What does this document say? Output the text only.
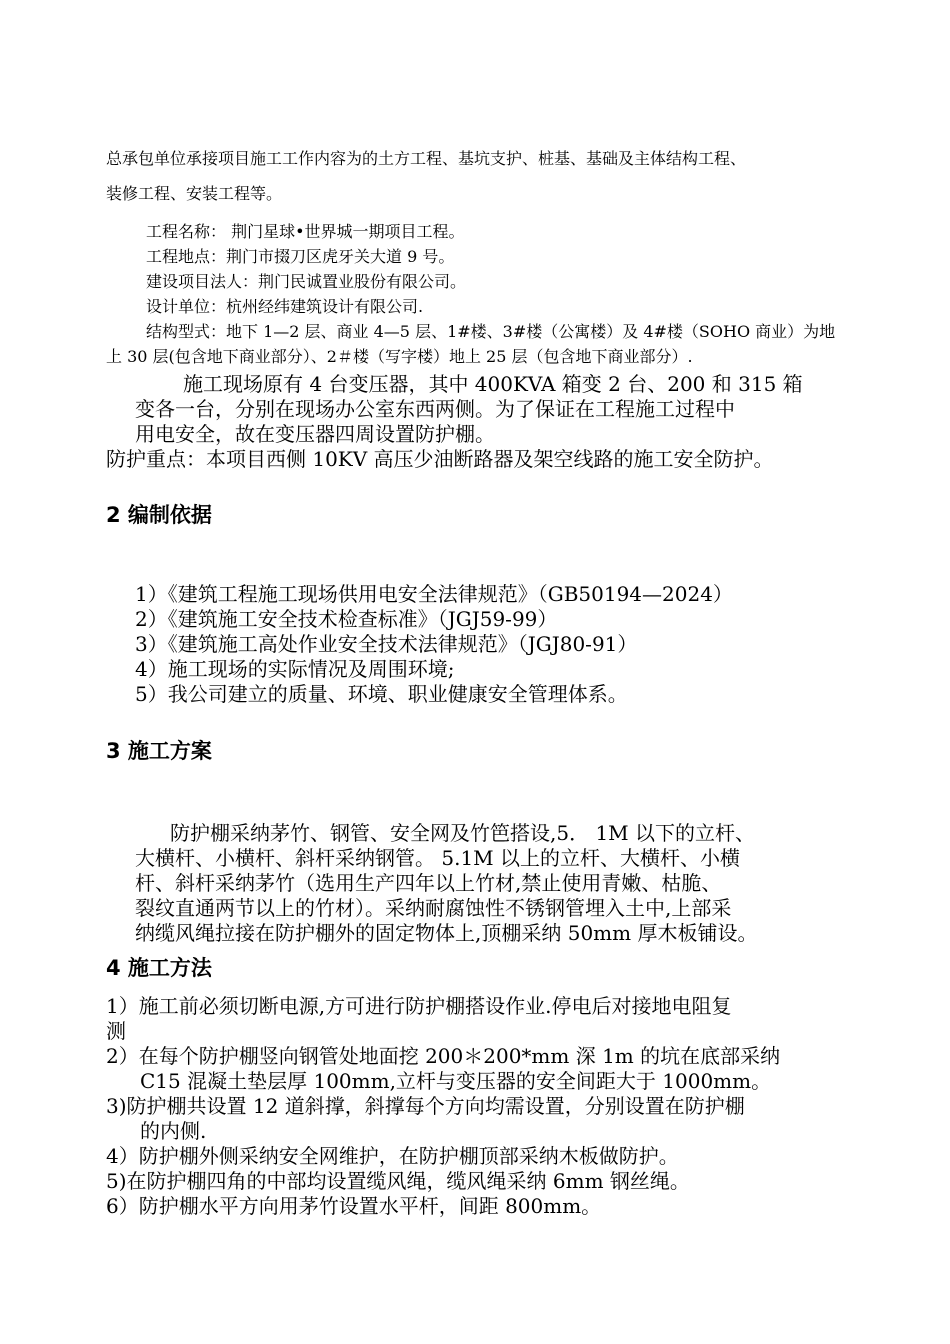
总承包单位承接项目施工工作内容为的土方工程、基坑支护、桩基、基础及主体结构工程、
装修工程、安装工程等。
工程名称： 荆门星球•世界城一期项目工程。
工程地点：荆门市掇刀区虎牙关大道 9 号。
建设项目法人：荆门民诚置业股份有限公司。
设计单位：杭州经纬建筑设计有限公司.
结构型式：地下 1—2 层、商业 4—5 层、1#楼、3#楼（公寓楼）及 4#楼（SOHO 商业）为地
上 30 层(包含地下商业部分）、2＃楼（写字楼）地上 25 层（包含地下商业部分）.
施工现场原有 4 台变压器，其中 400KVA 箱变 2 台、200 和 315 箱
变各一台，分别在现场办公室东西两侧。为了保证在工程施工过程中
用电安全，故在变压器四周设置防护棚。
防护重点：本项目西侧 10KV 高压少油断路器及架空线路的施工安全防护。
2 编制依据
1）《建筑工程施工现场供用电安全法律规范》（GB50194—2024）
2）《建筑施工安全技术检查标准》（JGJ59-99）
3）《建筑施工高处作业安全技术法律规范》（JGJ80-91）
4）施工现场的实际情况及周围环境;
5）我公司建立的质量、环境、职业健康安全管理体系。
3 施工方案
防护棚采纳茅竹、钢管、安全网及竹笆搭设,5． 1M 以下的立杆、
大横杆、小横杆、斜杆采纳钢管。 5.1M 以上的立杆、大横杆、小横
杆、斜杆采纳茅竹（选用生产四年以上竹材,禁止使用青嫩、枯脆、
裂纹直通两节以上的竹材）。采纳耐腐蚀性不锈钢管埋入土中,上部采
纳缆风绳拉接在防护棚外的固定物体上,顶棚采纳 50mm 厚木板铺设。
4 施工方法
1）施工前必须切断电源,方可进行防护棚搭设作业.停电后对接地电阻复
测
2）在每个防护棚竖向钢管处地面挖 200＊200*mm 深 1m 的坑在底部采纳
C15 混凝土垫层厚 100mm,立杆与变压器的安全间距大于 1000mm。
3)防护棚共设置 12 道斜撑，斜撑每个方向均需设置，分别设置在防护棚
的内侧.
4）防护棚外侧采纳安全网维护，在防护棚顶部采纳木板做防护。
5)在防护棚四角的中部均设置缆风绳，缆风绳采纳 6mm 钢丝绳。
6）防护棚水平方向用茅竹设置水平杆，间距 800mm。
